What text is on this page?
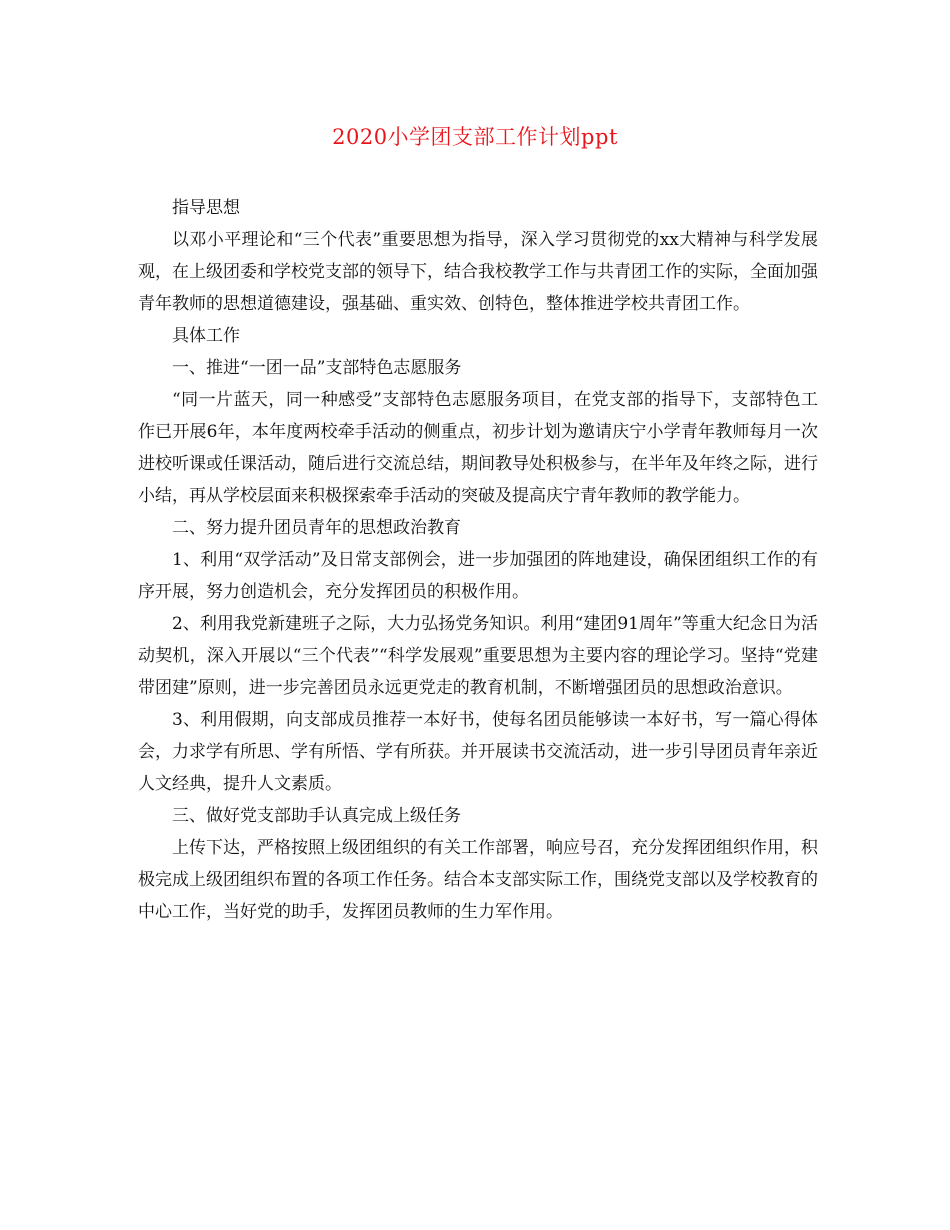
2020小学团支部工作计划ppt

指导思想

以邓小平理论和“三个代表”重要思想为指导，深入学习贯彻党的xx大精神与科学发展观，在上级团委和学校党支部的领导下，结合我校教学工作与共青团工作的实际，全面加强青年教师的思想道德建设，强基础、重实效、创特色，整体推进学校共青团工作。

具体工作

一、推进“一团一品”支部特色志愿服务

“同一片蓝天，同一种感受”支部特色志愿服务项目，在党支部的指导下，支部特色工作已开展6年，本年度两校牵手活动的侧重点，初步计划为邀请庆宁小学青年教师每月一次进校听课或任课活动，随后进行交流总结，期间教导处积极参与，在半年及年终之际，进行小结，再从学校层面来积极探索牵手活动的突破及提高庆宁青年教师的教学能力。

二、努力提升团员青年的思想政治教育

1、利用“双学活动”及日常支部例会，进一步加强团的阵地建设，确保团组织工作的有序开展，努力创造机会，充分发挥团员的积极作用。

2、利用我党新建班子之际，大力弘扬党务知识。利用“建团91周年”等重大纪念日为活动契机，深入开展以“三个代表”“科学发展观”重要思想为主要内容的理论学习。坚持“党建带团建”原则，进一步完善团员永远更党走的教育机制，不断增强团员的思想政治意识。

3、利用假期，向支部成员推荐一本好书，使每名团员能够读一本好书，写一篇心得体会，力求学有所思、学有所悟、学有所获。并开展读书交流活动，进一步引导团员青年亲近人文经典，提升人文素质。

三、做好党支部助手认真完成上级任务

上传下达，严格按照上级团组织的有关工作部署，响应号召，充分发挥团组织作用，积极完成上级团组织布置的各项工作任务。结合本支部实际工作，围绕党支部以及学校教育的中心工作，当好党的助手，发挥团员教师的生力军作用。
